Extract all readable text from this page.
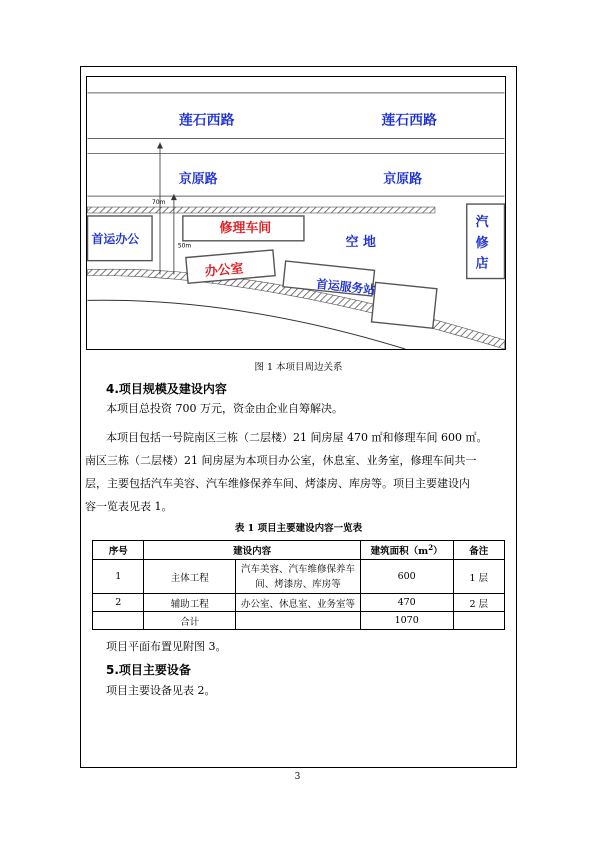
70m
50m
莲石西路	莲石西路
京原路	京原路
首运办公
修理车间
空 地
办公室
首运服务站
汽
修
店
图 1 本项目周边关系
4.项目规模及建设内容
本项目总投资 700 万元，资金由企业自筹解决。
本项目包括一号院南区三栋（二层楼）21 间房屋 470 ㎡和修理车间 600 ㎡。
南区三栋（二层楼）21 间房屋为本项目办公室，休息室、业务室，修理车间共一
层，主要包括汽车美容、汽车维修保养车间、烤漆房、库房等。项目主要建设内
容一览表见表 1。
表 1 项目主要建设内容一览表
序号	建设内容		建筑面积$(m^2)$	备注
1	主体工程	汽车美容、汽车维修保养车
间、烤漆房、库房等	600	1 层
2	辅助工程	办公室、休息室、业务室等	470	2 层
	合计		1070	
项目平面布置见附图 3。
5.项目主要设备
项目主要设备见表 2。
3
